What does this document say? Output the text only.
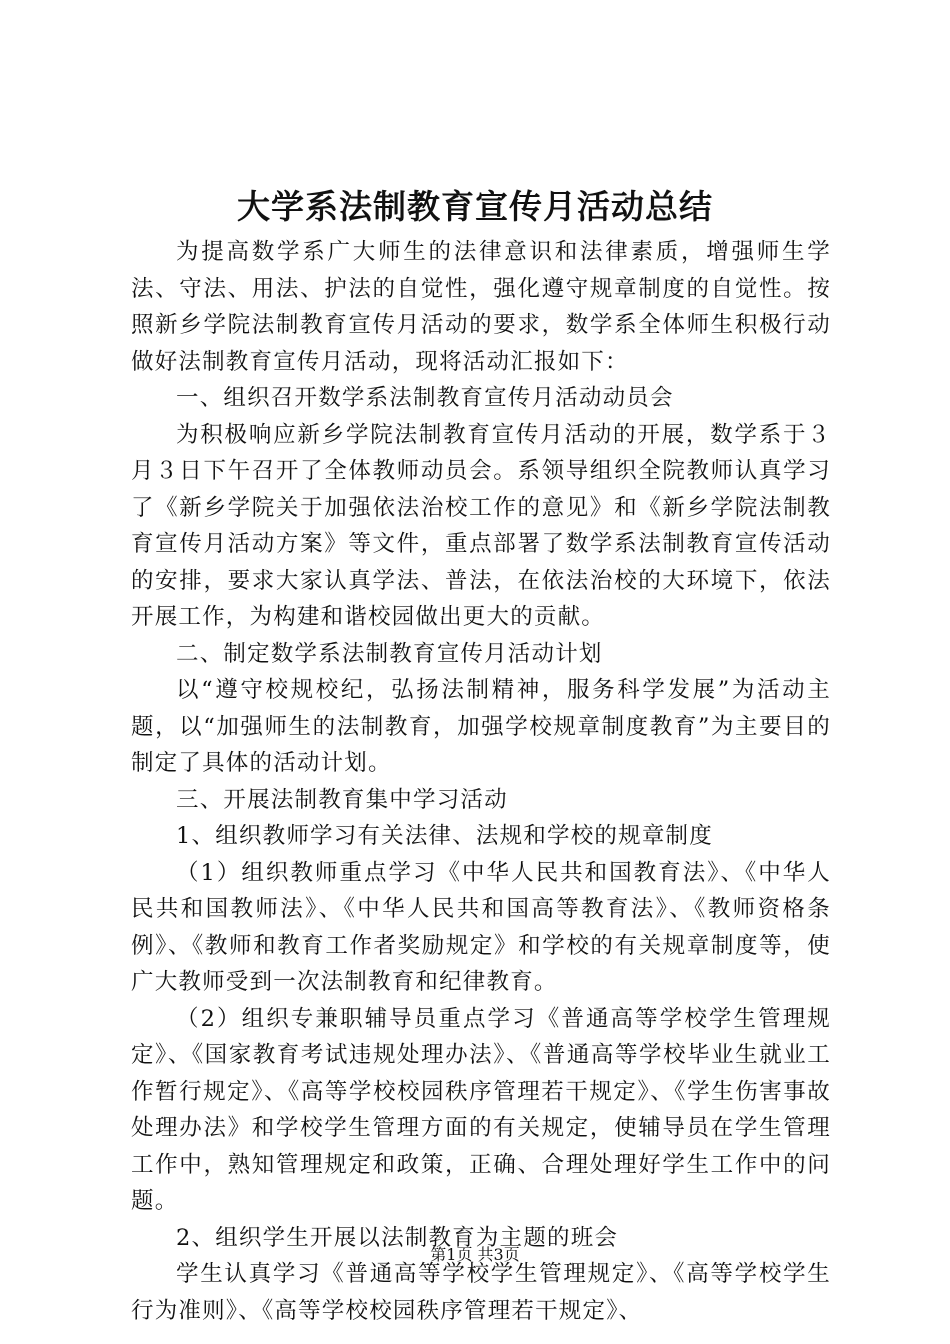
大学系法制教育宣传月活动总结

为提高数学系广大师生的法律意识和法律素质，增强师生学法、守法、用法、护法的自觉性，强化遵守规章制度的自觉性。按照新乡学院法制教育宣传月活动的要求，数学系全体师生积极行动做好法制教育宣传月活动，现将活动汇报如下：

一、组织召开数学系法制教育宣传月活动动员会

为积极响应新乡学院法制教育宣传月活动的开展，数学系于３月３日下午召开了全体教师动员会。系领导组织全院教师认真学习了《新乡学院关于加强依法治校工作的意见》和《新乡学院法制教育宣传月活动方案》等文件，重点部署了数学系法制教育宣传活动的安排，要求大家认真学法、普法，在依法治校的大环境下，依法开展工作，为构建和谐校园做出更大的贡献。

二、制定数学系法制教育宣传月活动计划

以“遵守校规校纪，弘扬法制精神，服务科学发展”为活动主题，以“加强师生的法制教育，加强学校规章制度教育”为主要目的制定了具体的活动计划。

三、开展法制教育集中学习活动

1、组织教师学习有关法律、法规和学校的规章制度

（1）组织教师重点学习《中华人民共和国教育法》、《中华人民共和国教师法》、《中华人民共和国高等教育法》、《教师资格条例》、《教师和教育工作者奖励规定》和学校的有关规章制度等，使广大教师受到一次法制教育和纪律教育。

（2）组织专兼职辅导员重点学习《普通高等学校学生管理规定》、《国家教育考试违规处理办法》、《普通高等学校毕业生就业工作暂行规定》、《高等学校校园秩序管理若干规定》、《学生伤害事故处理办法》和学校学生管理方面的有关规定，使辅导员在学生管理工作中，熟知管理规定和政策，正确、合理处理好学生工作中的问题。

2、组织学生开展以法制教育为主题的班会

学生认真学习《普通高等学校学生管理规定》、《高等学校学生行为准则》、《高等学校校园秩序管理若干规定》、

第1页 共3页
